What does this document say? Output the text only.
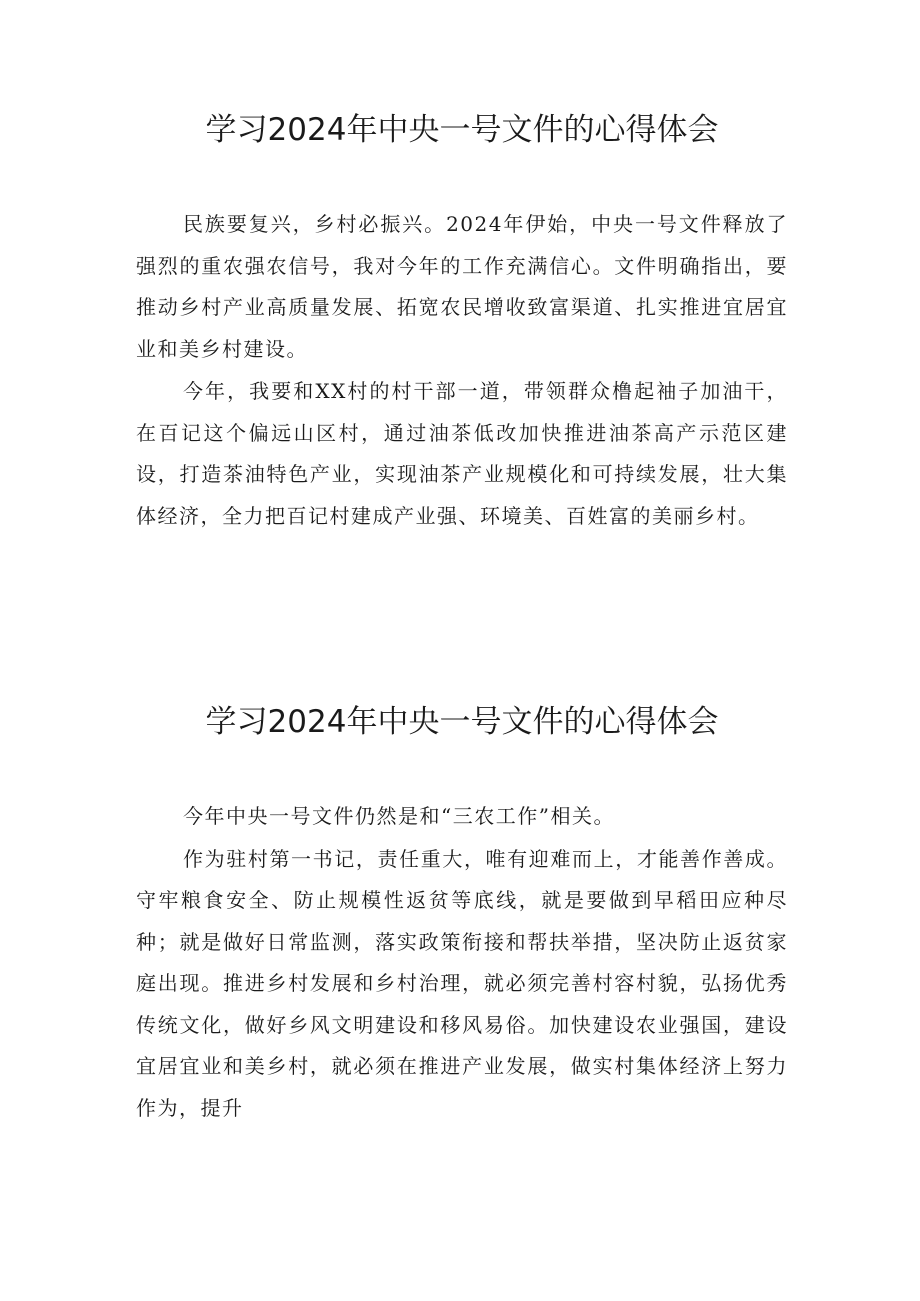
学习2024年中央一号文件的心得体会

民族要复兴，乡村必振兴。2024年伊始，中央一号文件释放了强烈的重农强农信号，我对今年的工作充满信心。文件明确指出，要推动乡村产业高质量发展、拓宽农民增收致富渠道、扎实推进宜居宜业和美乡村建设。

今年，我要和XX村的村干部一道，带领群众橹起袖子加油干，在百记这个偏远山区村，通过油茶低改加快推进油茶高产示范区建设，打造茶油特色产业，实现油茶产业规模化和可持续发展，壮大集体经济，全力把百记村建成产业强、环境美、百姓富的美丽乡村。

学习2024年中央一号文件的心得体会

今年中央一号文件仍然是和“三农工作”相关。

作为驻村第一书记，责任重大，唯有迎难而上，才能善作善成。守牢粮食安全、防止规模性返贫等底线，就是要做到早稻田应种尽种；就是做好日常监测，落实政策衔接和帮扶举措，坚决防止返贫家庭出现。推进乡村发展和乡村治理，就必须完善村容村貌，弘扬优秀传统文化，做好乡风文明建设和移风易俗。加快建设农业强国，建设宜居宜业和美乡村，就必须在推进产业发展，做实村集体经济上努力作为，提升
